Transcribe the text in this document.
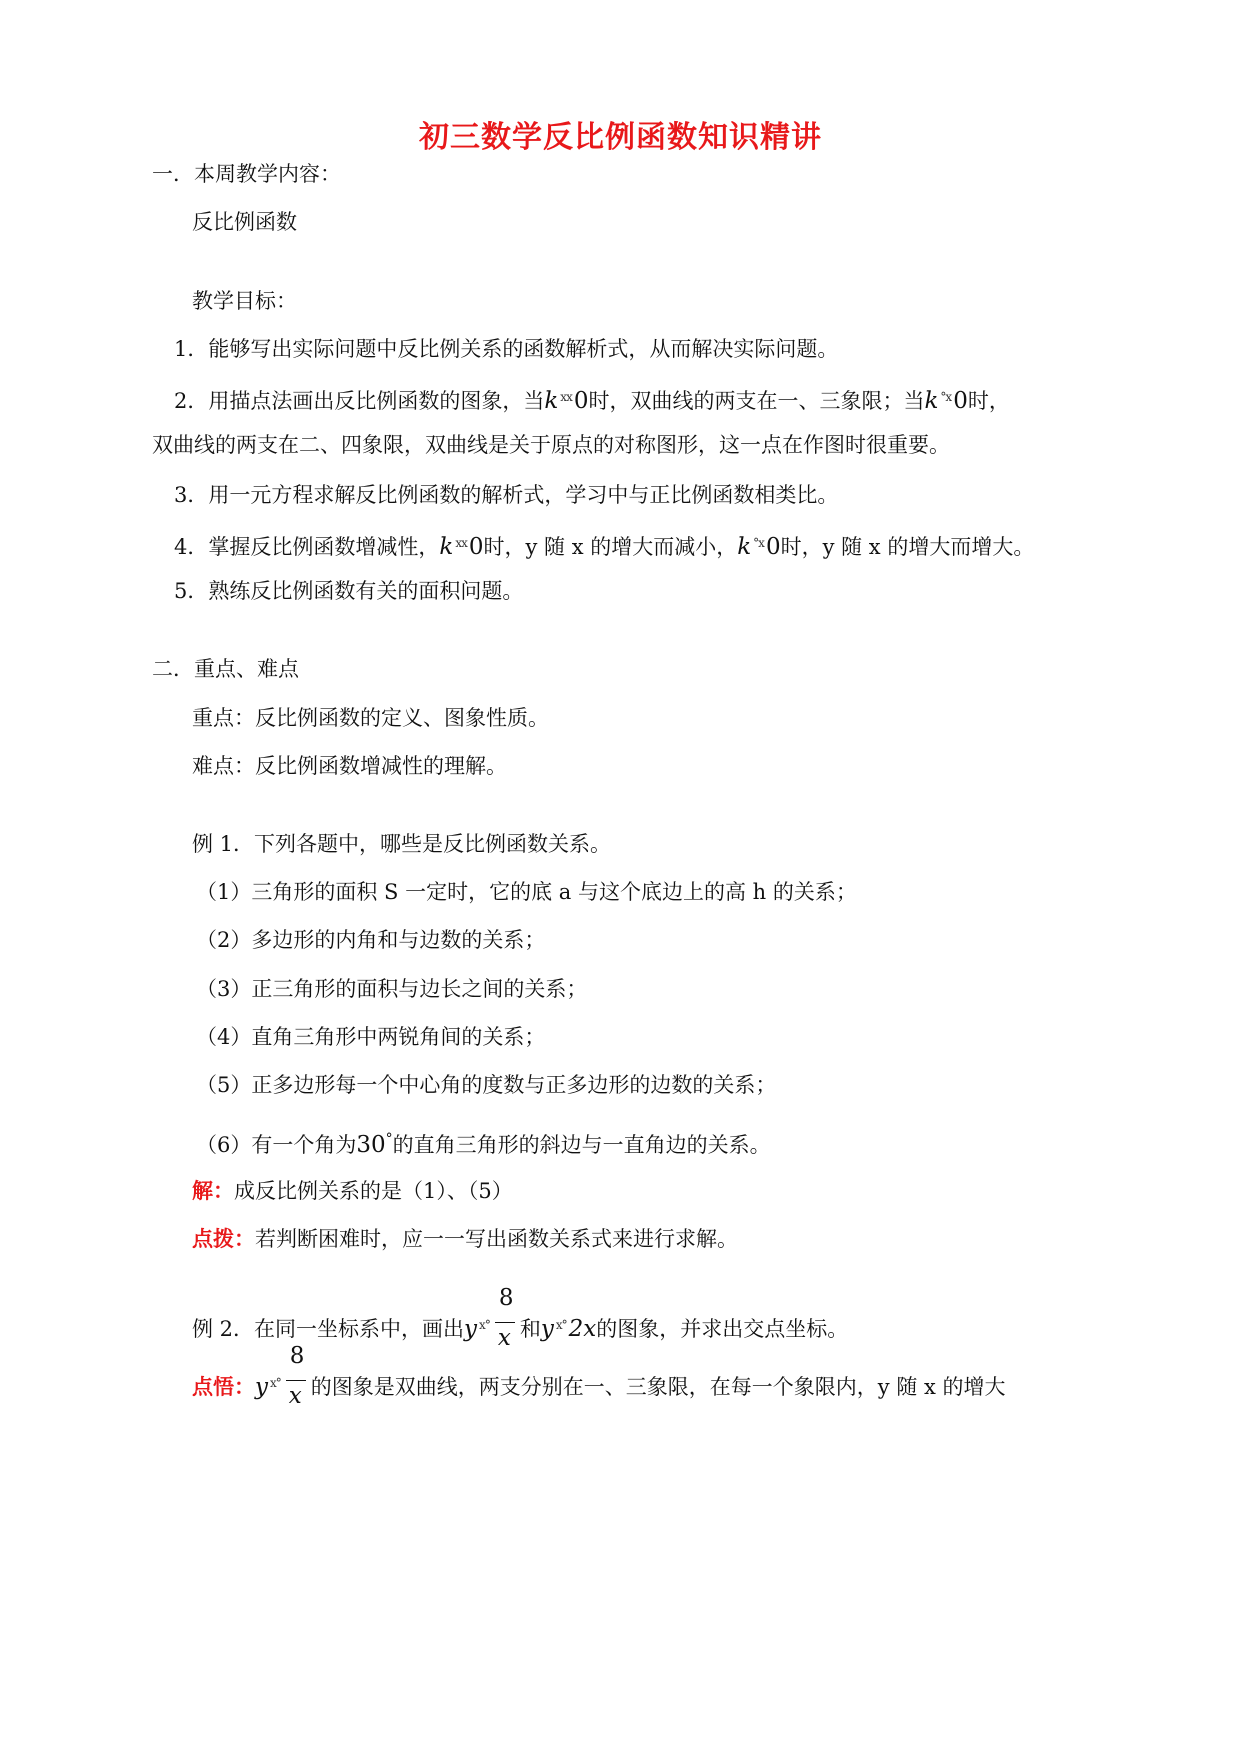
初三数学反比例函数知识精讲
一．本周教学内容：
反比例函数
教学目标：
1．能够写出实际问题中反比例关系的函数解析式，从而解决实际问题。
2．用描点法画出反比例函数的图象，当k $^{ⅹⅹ}$0时，双曲线的两支在一、三象限；当k $^{^\circ ⅹ}$0时，
双曲线的两支在二、四象限，双曲线是关于原点的对称图形，这一点在作图时很重要。
3．用一元方程求解反比例函数的解析式，学习中与正比例函数相类比。
4．掌握反比例函数增减性，k $^{ⅹⅹ}$0时，y 随 x 的增大而减小，k $^{^\circ ⅹ}$0时，y 随 x 的增大而增大。
5．熟练反比例函数有关的面积问题。
二．重点、难点
重点：反比例函数的定义、图象性质。
难点：反比例函数增减性的理解。
例 1．下列各题中，哪些是反比例函数关系。
（1）三角形的面积 S 一定时，它的底 a 与这个底边上的高 h 的关系；
（2）多边形的内角和与边数的关系；
（3）正三角形的面积与边长之间的关系；
（4）直角三角形中两锐角间的关系；
（5）正多边形每一个中心角的度数与正多边形的边数的关系；
（6）有一个角为30°的直角三角形的斜边与一直角边的关系。
解：成反比例关系的是（1）、（5）
点拨：若判断困难时，应一一写出函数关系式来进行求解。
例 2．在同一坐标系中，画出y $^{ⅹ^\circ} \frac{8}{x}$ 和y $^{ⅹ^\circ}$2x的图象，并求出交点坐标。
点悟：y $^{ⅹ^\circ} \frac{8}{x}$ 的图象是双曲线，两支分别在一、三象限，在每一个象限内，y 随 x 的增大
